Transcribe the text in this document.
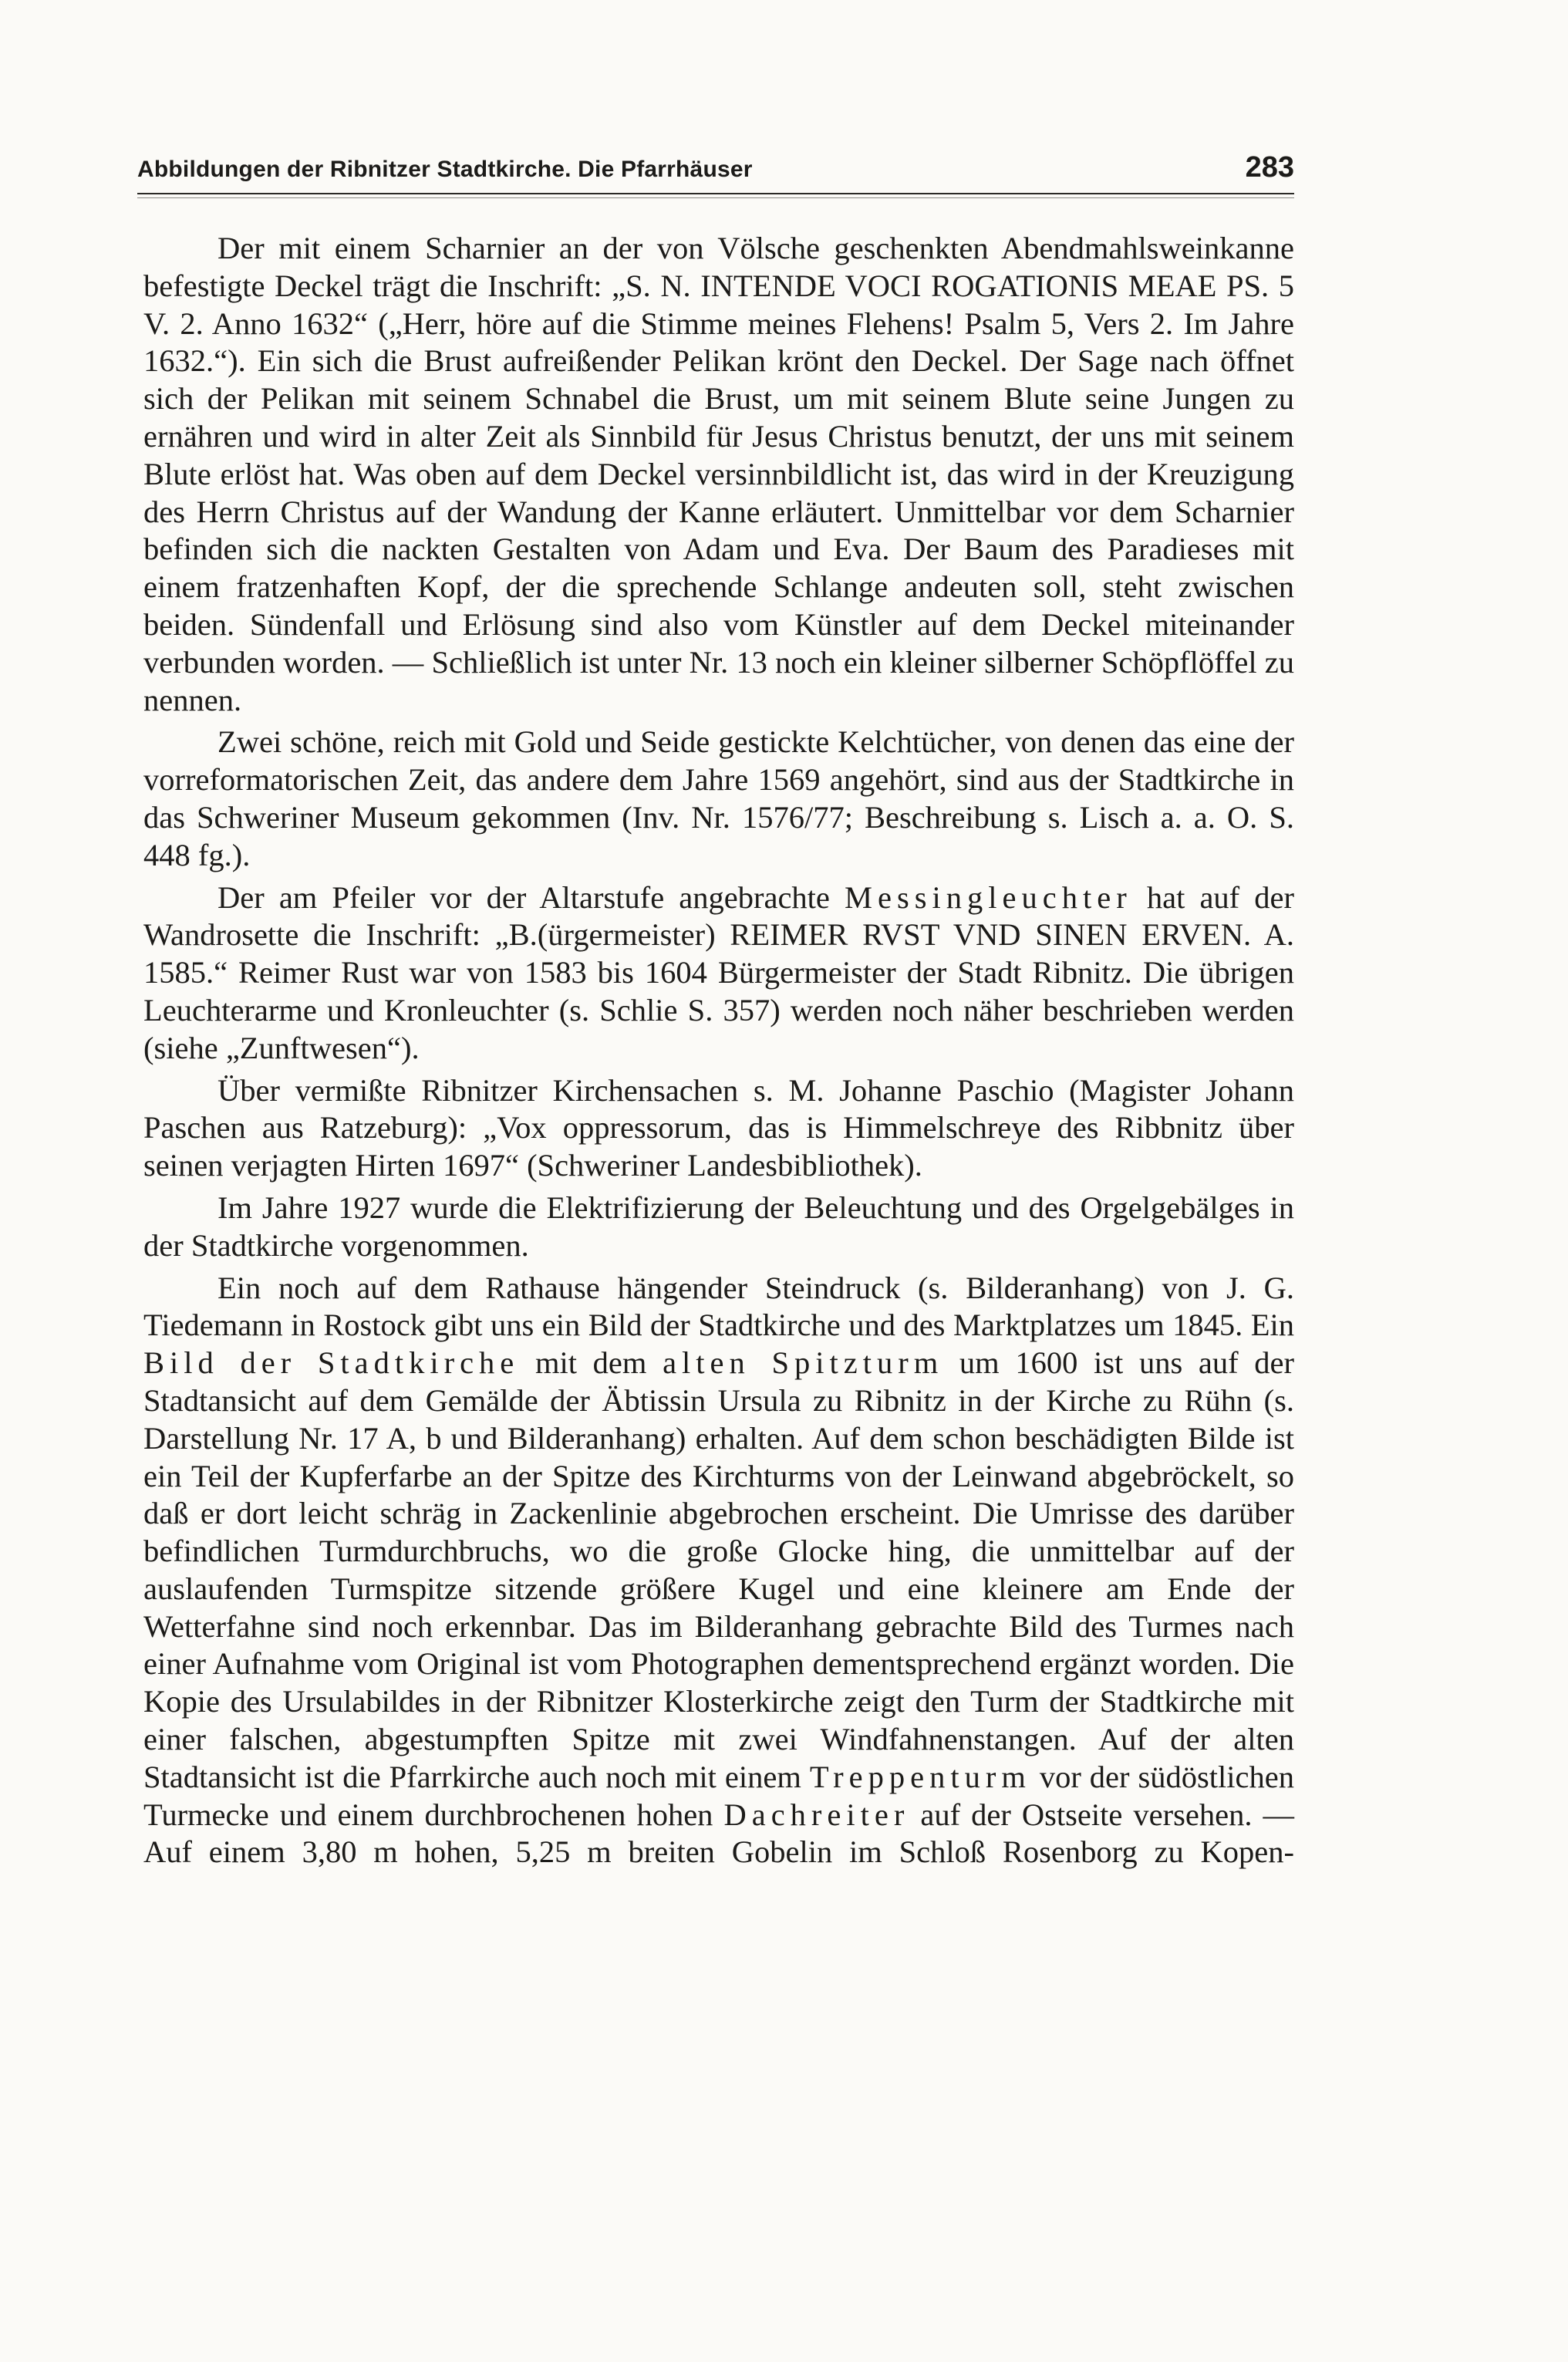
Abbildungen der Ribnitzer Stadtkirche. Die Pfarrhäuser	283

Der mit einem Scharnier an der von Völsche geschenkten Abendmahlsweinkanne befestigte Deckel trägt die Inschrift: „S. N. INTENDE VOCI ROGATIONIS MEAE PS. 5 V. 2. Anno 1632“ („Herr, höre auf die Stimme meines Flehens! Psalm 5, Vers 2. Im Jahre 1632.“). Ein sich die Brust aufreißender Pelikan krönt den Deckel. Der Sage nach öffnet sich der Pelikan mit seinem Schnabel die Brust, um mit seinem Blute seine Jungen zu ernähren und wird in alter Zeit als Sinnbild für Jesus Christus benutzt, der uns mit seinem Blute erlöst hat. Was oben auf dem Deckel versinnbildlicht ist, das wird in der Kreuzigung des Herrn Christus auf der Wandung der Kanne erläutert. Unmittelbar vor dem Scharnier befinden sich die nackten Gestalten von Adam und Eva. Der Baum des Paradieses mit einem fratzenhaften Kopf, der die sprechende Schlange andeuten soll, steht zwischen beiden. Sündenfall und Erlösung sind also vom Künstler auf dem Deckel miteinander verbunden worden. — Schließlich ist unter Nr. 13 noch ein kleiner silberner Schöpflöffel zu nennen.

Zwei schöne, reich mit Gold und Seide gestickte Kelchtücher, von denen das eine der vorreformatorischen Zeit, das andere dem Jahre 1569 angehört, sind aus der Stadtkirche in das Schweriner Museum gekommen (Inv. Nr. 1576/77; Beschreibung s. Lisch a. a. O. S. 448 fg.).

Der am Pfeiler vor der Altarstufe angebrachte Messingleuchter hat auf der Wandrosette die Inschrift: „B.(ürgermeister) REIMER RVST VND SINEN ERVEN. A. 1585.“ Reimer Rust war von 1583 bis 1604 Bürgermeister der Stadt Ribnitz. Die übrigen Leuchterarme und Kronleuchter (s. Schlie S. 357) werden noch näher beschrieben werden (siehe „Zunftwesen“).

Über vermißte Ribnitzer Kirchensachen s. M. Johanne Paschio (Magister Johann Paschen aus Ratzeburg): „Vox oppressorum, das is Himmelschreye des Ribbnitz über seinen verjagten Hirten 1697“ (Schweriner Landesbibliothek).

Im Jahre 1927 wurde die Elektrifizierung der Beleuchtung und des Orgelgebälges in der Stadtkirche vorgenommen.

Ein noch auf dem Rathause hängender Steindruck (s. Bilderanhang) von J. G. Tiedemann in Rostock gibt uns ein Bild der Stadtkirche und des Marktplatzes um 1845. Ein Bild der Stadtkirche mit dem alten Spitzturm um 1600 ist uns auf der Stadtansicht auf dem Gemälde der Äbtissin Ursula zu Ribnitz in der Kirche zu Rühn (s. Darstellung Nr. 17 A, b und Bilderanhang) erhalten. Auf dem schon beschädigten Bilde ist ein Teil der Kupferfarbe an der Spitze des Kirchturms von der Leinwand abgebröckelt, so daß er dort leicht schräg in Zackenlinie abgebrochen erscheint. Die Umrisse des darüber befindlichen Turmdurchbruchs, wo die große Glocke hing, die unmittelbar auf der auslaufenden Turmspitze sitzende größere Kugel und eine kleinere am Ende der Wetterfahne sind noch erkennbar. Das im Bilderanhang gebrachte Bild des Turmes nach einer Aufnahme vom Original ist vom Photographen dementsprechend ergänzt worden. Die Kopie des Ursulabildes in der Ribnitzer Klosterkirche zeigt den Turm der Stadtkirche mit einer falschen, abgestumpften Spitze mit zwei Windfahnenstangen. Auf der alten Stadtansicht ist die Pfarrkirche auch noch mit einem Treppenturm vor der südöstlichen Turmecke und einem durchbrochenen hohen Dachreiter auf der Ostseite versehen. — Auf einem 3,80 m hohen, 5,25 m breiten Gobelin im Schloß Rosenborg zu Kopen-
